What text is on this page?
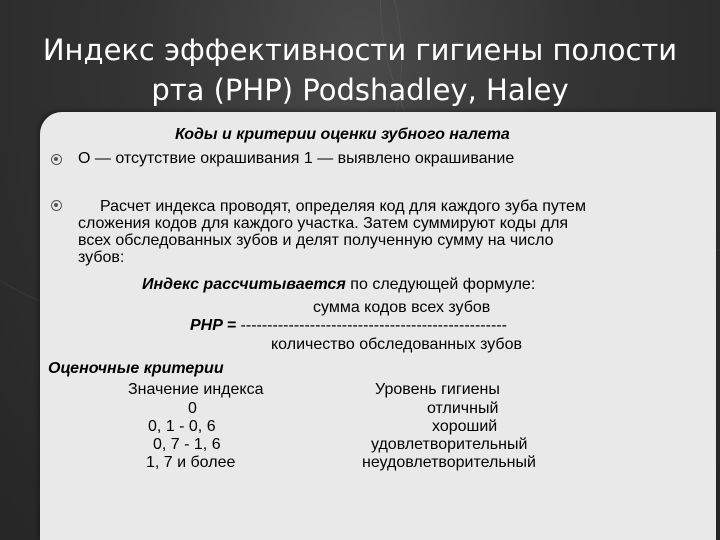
Индекс эффективности гигиены полости
рта (PHP) Podshadley, Haley
Коды и критерии оценки зубного налета
О — отсутствие окрашивания 1 — выявлено окрашивание
Расчет индекса проводят, определяя код для каждого зуба путем
сложения кодов для каждого участка. Затем суммируют коды для
всех обследованных зубов и делят полученную сумму на число
зубов:
Индекс рассчитывается по следующей формуле:
сумма кодов всех зубов
PHP = --------------------------------------------------
количество обследованных зубов
Оценочные критерии
Значение индекса	Уровень гигиены
0	отличный
0, 1 - 0, 6	хороший
0, 7 - 1, 6	удовлетворительный
1, 7 и более	неудовлетворительный
